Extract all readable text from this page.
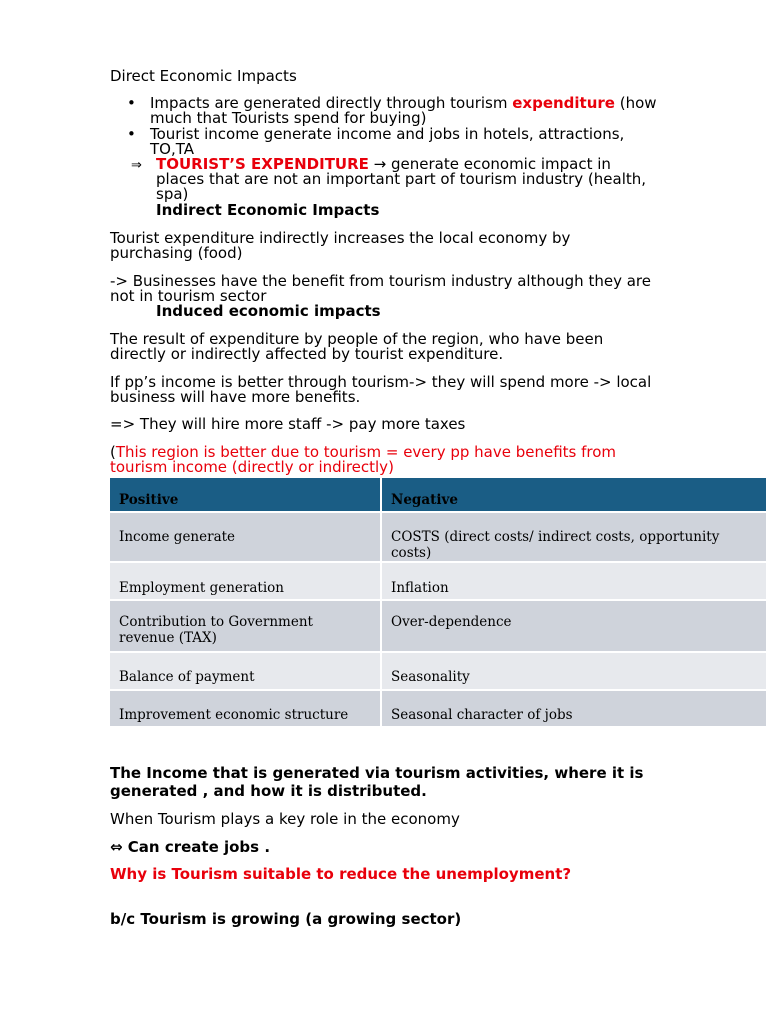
Direct Economic Impacts

• Impacts are generated directly through tourism expenditure (how
much that Tourists spend for buying)
• Tourist income generate income and jobs in hotels, attractions,
TO,TA
⇒ TOURIST’S EXPENDITURE → generate economic impact in
places that are not an important part of tourism industry (health,
spa)

Indirect Economic Impacts

Tourist expenditure indirectly increases the local economy by
purchasing (food)
-> Businesses have the benefit from tourism industry although they are
not in tourism sector

Induced economic impacts

The result of expenditure by people of the region, who have been
directly or indirectly affected by tourist expenditure.
If pp’s income is better through tourism-> they will spend more -> local
business will have more benefits.

=> They will hire more staff -> pay more taxes

(This region is better due to tourism = every pp have benefits from
tourism income (directly or indirectly)
Positive	Negative
Income generate	COSTS (direct costs/ indirect costs, opportunity costs)
Employment generation	Inflation
Contribution to Government revenue (TAX)	Over-dependence
Balance of payment	Seasonality
Improvement economic structure	Seasonal character of jobs
The Income that is generated via tourism activities, where it is
generated , and how it is distributed.

When Tourism plays a key role in the economy

⇔ Can create jobs .

Why is Tourism suitable to reduce the unemployment?

b/c Tourism is growing (a growing sector)
